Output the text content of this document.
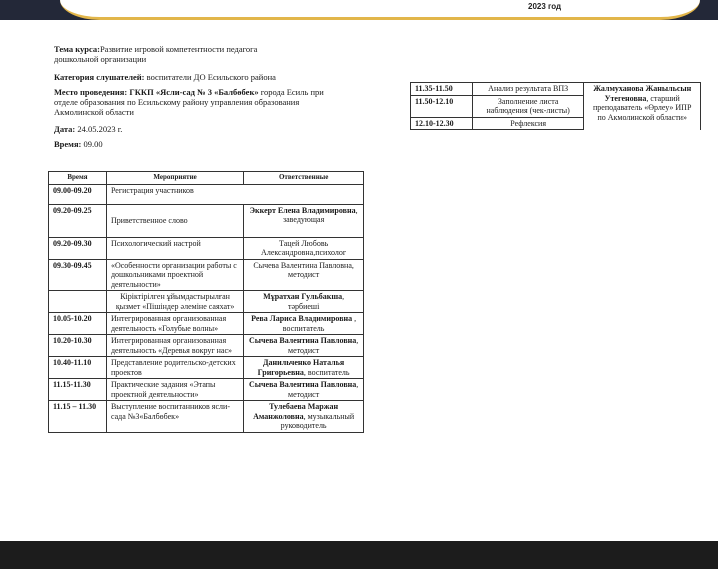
2023 год
Тема курса:Развитие игровой компетентности педагога дошкольной организации
Категория слушателей: воспитатели ДО Есильского района
Место проведения: ГККП «Ясли-сад № 3 «Балбөбек» города Есиль при отделе образования по Есильскому району управления образования Акмолинской области
Дата: 24.05.2023 г.
Время: 09.00
Время	Мероприятие	Ответственные
09.00-09.20	Регистрация участников	
09.20-09.25	Приветственное слово	Эккерт Елена Владимировна, заведующая
09.20-09.30	Психологический настрой	Тацей Любовь Александровна,психолог
09.30-09.45	«Особенности организации работы с дошкольниками проектной деятельности»	Сычева Валентина Павловна, методист
	Кіріктірілген ұйымдастырылған қызмет «Пішіндер әлеміне саяхат»	Мұратхан Гульбакша, тәрбиеші
10.05-10.20	Интегрированная организованная деятельность «Голубые волны»	Рева Лариса Владимировна , воспитатель
10.20-10.30	Интегрированная организованная деятельность «Деревья вокруг нас»	Сычева Валентина Павловна, методист
10.40-11.10	Представление родительско-детских проектов	Данильченко Наталья Григорьевна, воспитатель
11.15-11.30	Практические задания «Этапы проектной деятельности»	Сычева Валентина Павловна, методист
11.15 – 11.30	Выступление воспитанников ясли-сада №3«Балбөбек»	Тулебаева Маржан Аманжоловна, музыкальный руководитель
11.35-11.50	Анализ результата ВПЗ	Жалмуханова Жаныльсын Утегеновна, старший преподаватель «Өрлеу» ИПР по Акмолинской области»
11.50-12.10	Заполнение листа наблюдения (чек-листы)	
12.10-12.30	Рефлексия	
